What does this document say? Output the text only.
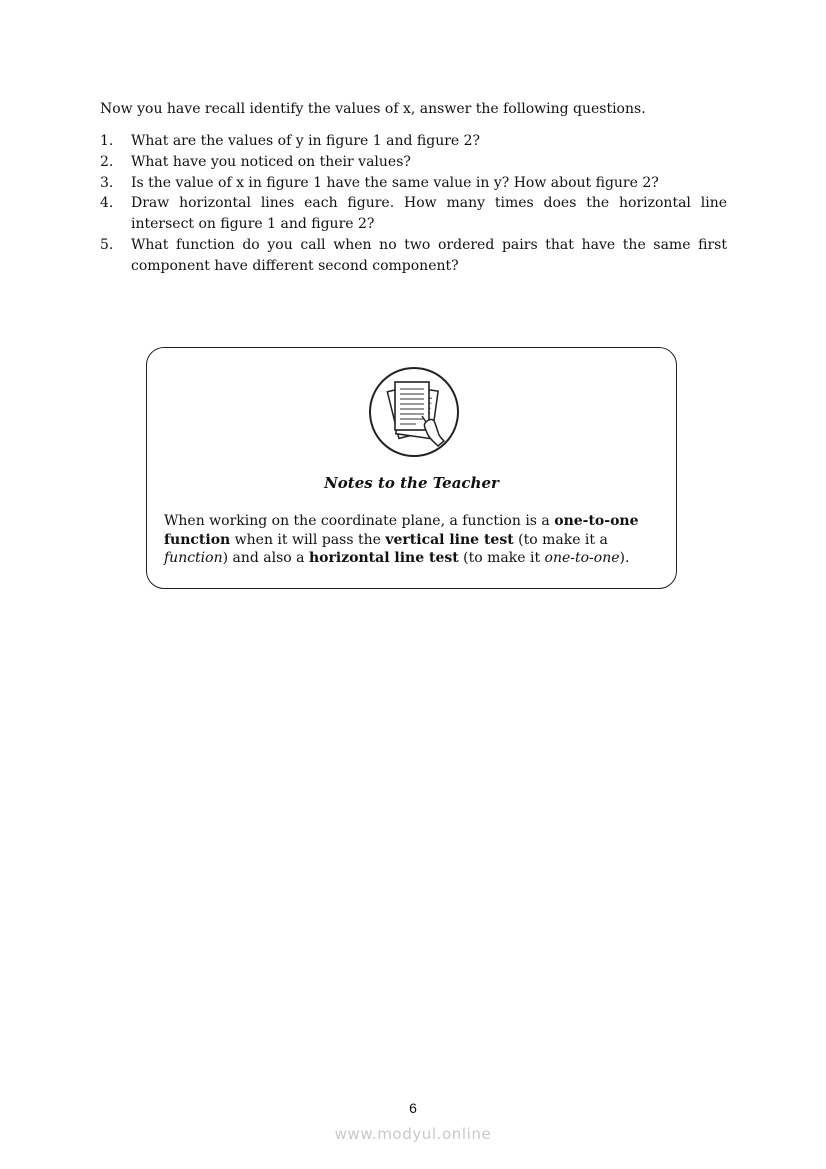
Now you have recall identify the values of x, answer the following questions.

1.	What are the values of y in figure 1 and figure 2?
2.	What have you noticed on their values?
3.	Is the value of x in figure 1 have the same value in y? How about figure 2?
4.	Draw horizontal lines each figure. How many times does the horizontal line intersect on figure 1 and figure 2?
5.	What function do you call when no two ordered pairs that have the same first component have different second component?

Notes to the Teacher

When working on the coordinate plane, a function is a one-to-one function when it will pass the vertical line test (to make it a function) and also a horizontal line test (to make it one-to-one).

6
www.modyul.online
